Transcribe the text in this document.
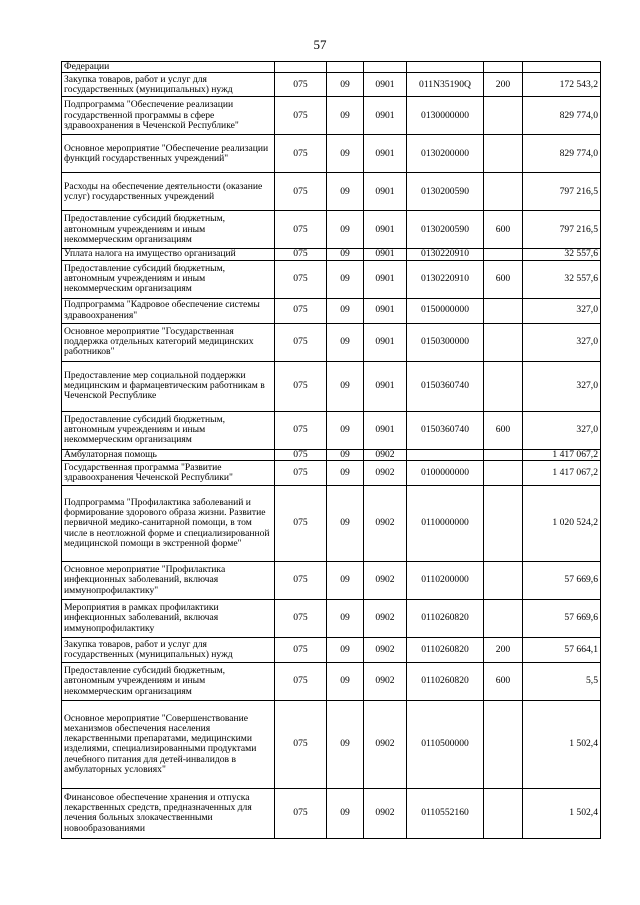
57
Федерации						
Закупка товаров, работ и услуг для государственных (муниципальных) нужд	075	09	0901	011N35190Q	200	172 543,2
Подпрограмма "Обеспечение реализации государственной программы в сфере здравоохранения в Чеченской Республике"	075	09	0901	0130000000		829 774,0
Основное мероприятие "Обеспечение реализации функций государственных учреждений"	075	09	0901	0130200000		829 774,0
Расходы на обеспечение деятельности (оказание услуг) государственных учреждений	075	09	0901	0130200590		797 216,5
Предоставление субсидий бюджетным, автономным учреждениям и иным некоммерческим организациям	075	09	0901	0130200590	600	797 216,5
Уплата налога на имущество организаций	075	09	0901	0130220910		32 557,6
Предоставление субсидий бюджетным, автономным учреждениям и иным некоммерческим организациям	075	09	0901	0130220910	600	32 557,6
Подпрограмма "Кадровое обеспечение системы здравоохранения"	075	09	0901	0150000000		327,0
Основное мероприятие "Государственная поддержка отдельных категорий медицинских работников"	075	09	0901	0150300000		327,0
Предоставление мер социальной поддержки медицинским и фармацевтическим работникам в Чеченской Республике	075	09	0901	0150360740		327,0
Предоставление субсидий бюджетным, автономным учреждениям и иным некоммерческим организациям	075	09	0901	0150360740	600	327,0
Амбулаторная помощь	075	09	0902			1 417 067,2
Государственная программа "Развитие здравоохранения Чеченской Республики"	075	09	0902	0100000000		1 417 067,2
Подпрограмма "Профилактика заболеваний и формирование здорового образа жизни. Развитие первичной медико-санитарной помощи, в том числе в неотложной форме и специализированной медицинской помощи в экстренной форме"	075	09	0902	0110000000		1 020 524,2
Основное мероприятие "Профилактика инфекционных заболеваний, включая иммунопрофилактику"	075	09	0902	0110200000		57 669,6
Мероприятия в рамках профилактики инфекционных заболеваний, включая иммунопрофилактику	075	09	0902	0110260820		57 669,6
Закупка товаров, работ и услуг для государственных (муниципальных) нужд	075	09	0902	0110260820	200	57 664,1
Предоставление субсидий бюджетным, автономным учреждениям и иным некоммерческим организациям	075	09	0902	0110260820	600	5,5
Основное мероприятие "Совершенствование механизмов обеспечения населения лекарственными препаратами, медицинскими изделиями, специализированными продуктами лечебного питания для детей-инвалидов в амбулаторных условиях"	075	09	0902	0110500000		1 502,4
Финансовое обеспечение хранения и отпуска лекарственных средств, предназначенных для лечения больных злокачественными новообразованиями	075	09	0902	0110552160		1 502,4
